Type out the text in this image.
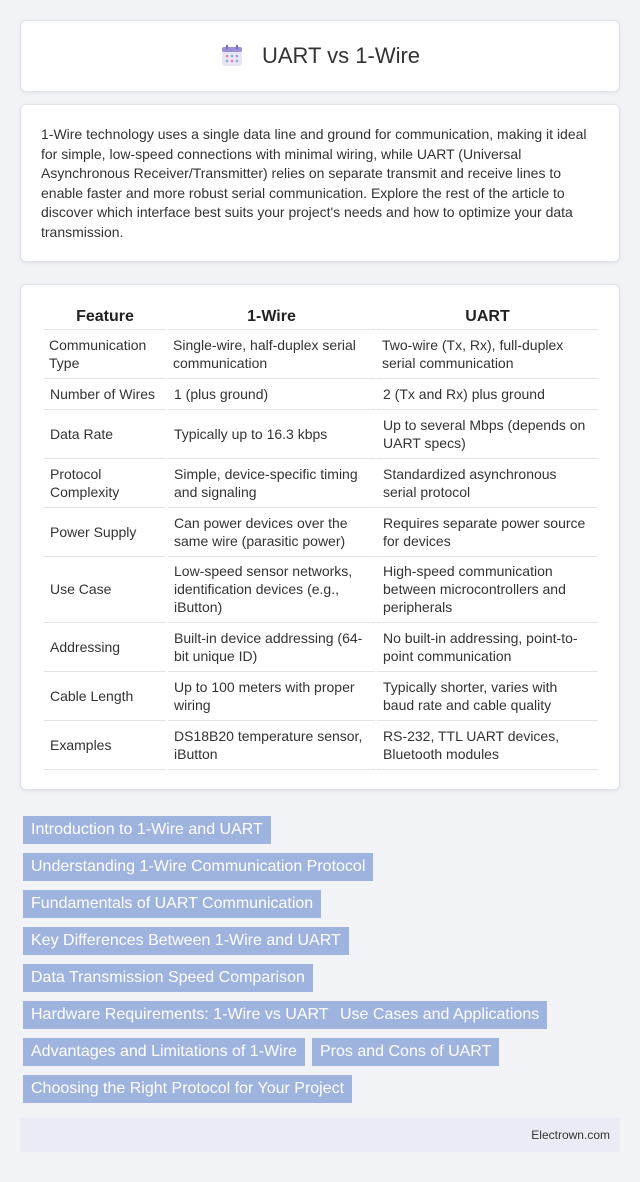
UART vs 1-Wire

1-Wire technology uses a single data line and ground for communication, making it ideal for simple, low-speed connections with minimal wiring, while UART (Universal Asynchronous Receiver/Transmitter) relies on separate transmit and receive lines to enable faster and more robust serial communication. Explore the rest of the article to discover which interface best suits your project's needs and how to optimize your data transmission.

Feature	1-Wire	UART
Communication Type	Single-wire, half-duplex serial communication	Two-wire (Tx, Rx), full-duplex serial communication
Number of Wires	1 (plus ground)	2 (Tx and Rx) plus ground
Data Rate	Typically up to 16.3 kbps	Up to several Mbps (depends on UART specs)
Protocol Complexity	Simple, device-specific timing and signaling	Standardized asynchronous serial protocol
Power Supply	Can power devices over the same wire (parasitic power)	Requires separate power source for devices
Use Case	Low-speed sensor networks, identification devices (e.g., iButton)	High-speed communication between microcontrollers and peripherals
Addressing	Built-in device addressing (64-bit unique ID)	No built-in addressing, point-to-point communication
Cable Length	Up to 100 meters with proper wiring	Typically shorter, varies with baud rate and cable quality
Examples	DS18B20 temperature sensor, iButton	RS-232, TTL UART devices, Bluetooth modules
Introduction to 1-Wire and UART
Understanding 1-Wire Communication Protocol
Fundamentals of UART Communication
Key Differences Between 1-Wire and UART
Data Transmission Speed Comparison
Hardware Requirements: 1-Wire vs UART Use Cases and Applications
Advantages and Limitations of 1-Wire	Pros and Cons of UART
Choosing the Right Protocol for Your Project
Electrown.com
